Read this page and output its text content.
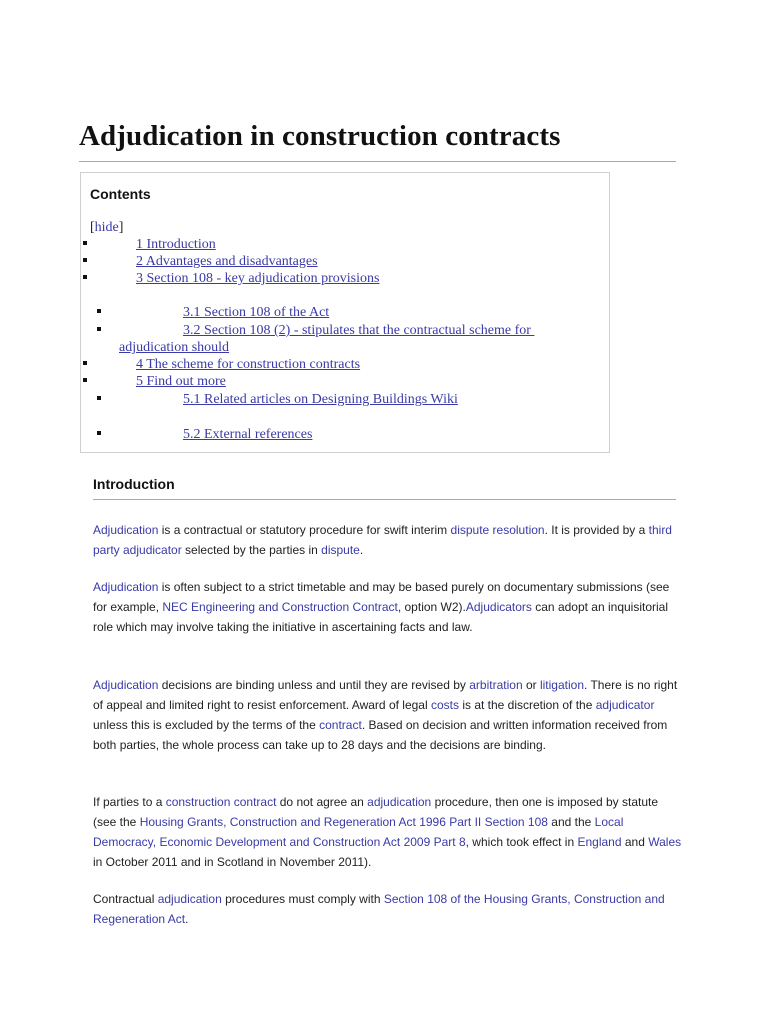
Adjudication in construction contracts
Contents
[hide]
1 Introduction
2 Advantages and disadvantages
3 Section 108 - key adjudication provisions
3.1 Section 108 of the Act
3.2 Section 108 (2) - stipulates that the contractual scheme for
adjudication should
4 The scheme for construction contracts
5 Find out more
5.1 Related articles on Designing Buildings Wiki
5.2 External references
Introduction

Adjudication is a contractual or statutory procedure for swift interim dispute resolution. It is provided by a third party adjudicator selected by the parties in dispute.

Adjudication is often subject to a strict timetable and may be based purely on documentary submissions (see for example, NEC Engineering and Construction Contract, option W2).Adjudicators can adopt an inquisitorial role which may involve taking the initiative in ascertaining facts and law.

Adjudication decisions are binding unless and until they are revised by arbitration or litigation. There is no right of appeal and limited right to resist enforcement. Award of legal costs is at the discretion of the adjudicator unless this is excluded by the terms of the contract. Based on decision and written information received from both parties, the whole process can take up to 28 days and the decisions are binding.

If parties to a construction contract do not agree an adjudication procedure, then one is imposed by statute (see the Housing Grants, Construction and Regeneration Act 1996 Part II Section 108 and the Local Democracy, Economic Development and Construction Act 2009 Part 8, which took effect in England and Wales in October 2011 and in Scotland in November 2011).

Contractual adjudication procedures must comply with Section 108 of the Housing Grants, Construction and Regeneration Act.
